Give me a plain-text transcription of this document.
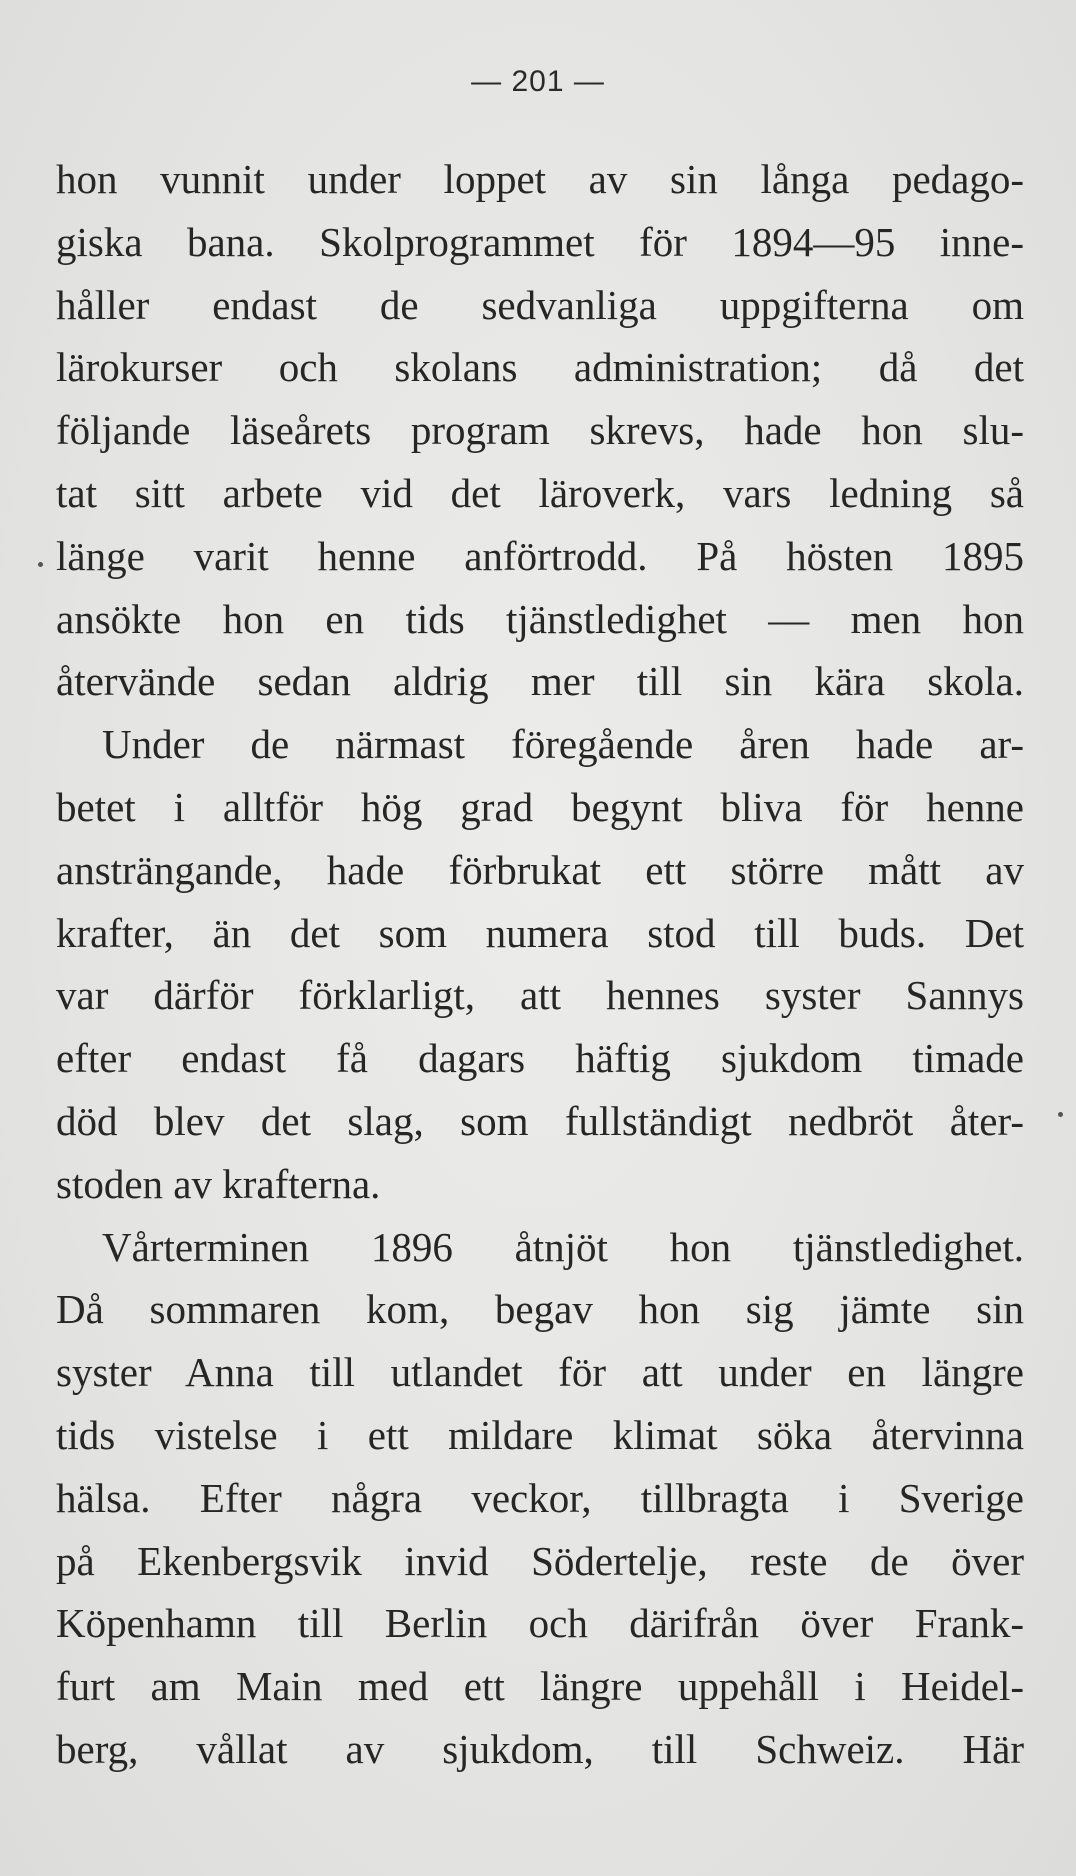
— 201 —
hon vunnit under loppet av sin långa pedago-
giska bana. Skolprogrammet för 1894—95 inne-
håller endast de sedvanliga uppgifterna om
lärokurser och skolans administration; då det
följande läseårets program skrevs, hade hon slu-
tat sitt arbete vid det läroverk, vars ledning så
länge varit henne anförtrodd. På hösten 1895
ansökte hon en tids tjänstledighet — men hon
återvände sedan aldrig mer till sin kära skola.
Under de närmast föregående åren hade ar-
betet i alltför hög grad begynt bliva för henne
ansträngande, hade förbrukat ett större mått av
krafter, än det som numera stod till buds. Det
var därför förklarligt, att hennes syster Sannys
efter endast få dagars häftig sjukdom timade
död blev det slag, som fullständigt nedbröt åter-
stoden av krafterna.
Vårterminen 1896 åtnjöt hon tjänstledighet.
Då sommaren kom, begav hon sig jämte sin
syster Anna till utlandet för att under en längre
tids vistelse i ett mildare klimat söka återvinna
hälsa. Efter några veckor, tillbragta i Sverige
på Ekenbergsvik invid Södertelje, reste de över
Köpenhamn till Berlin och därifrån över Frank-
furt am Main med ett längre uppehåll i Heidel-
berg, vållat av sjukdom, till Schweiz. Här
